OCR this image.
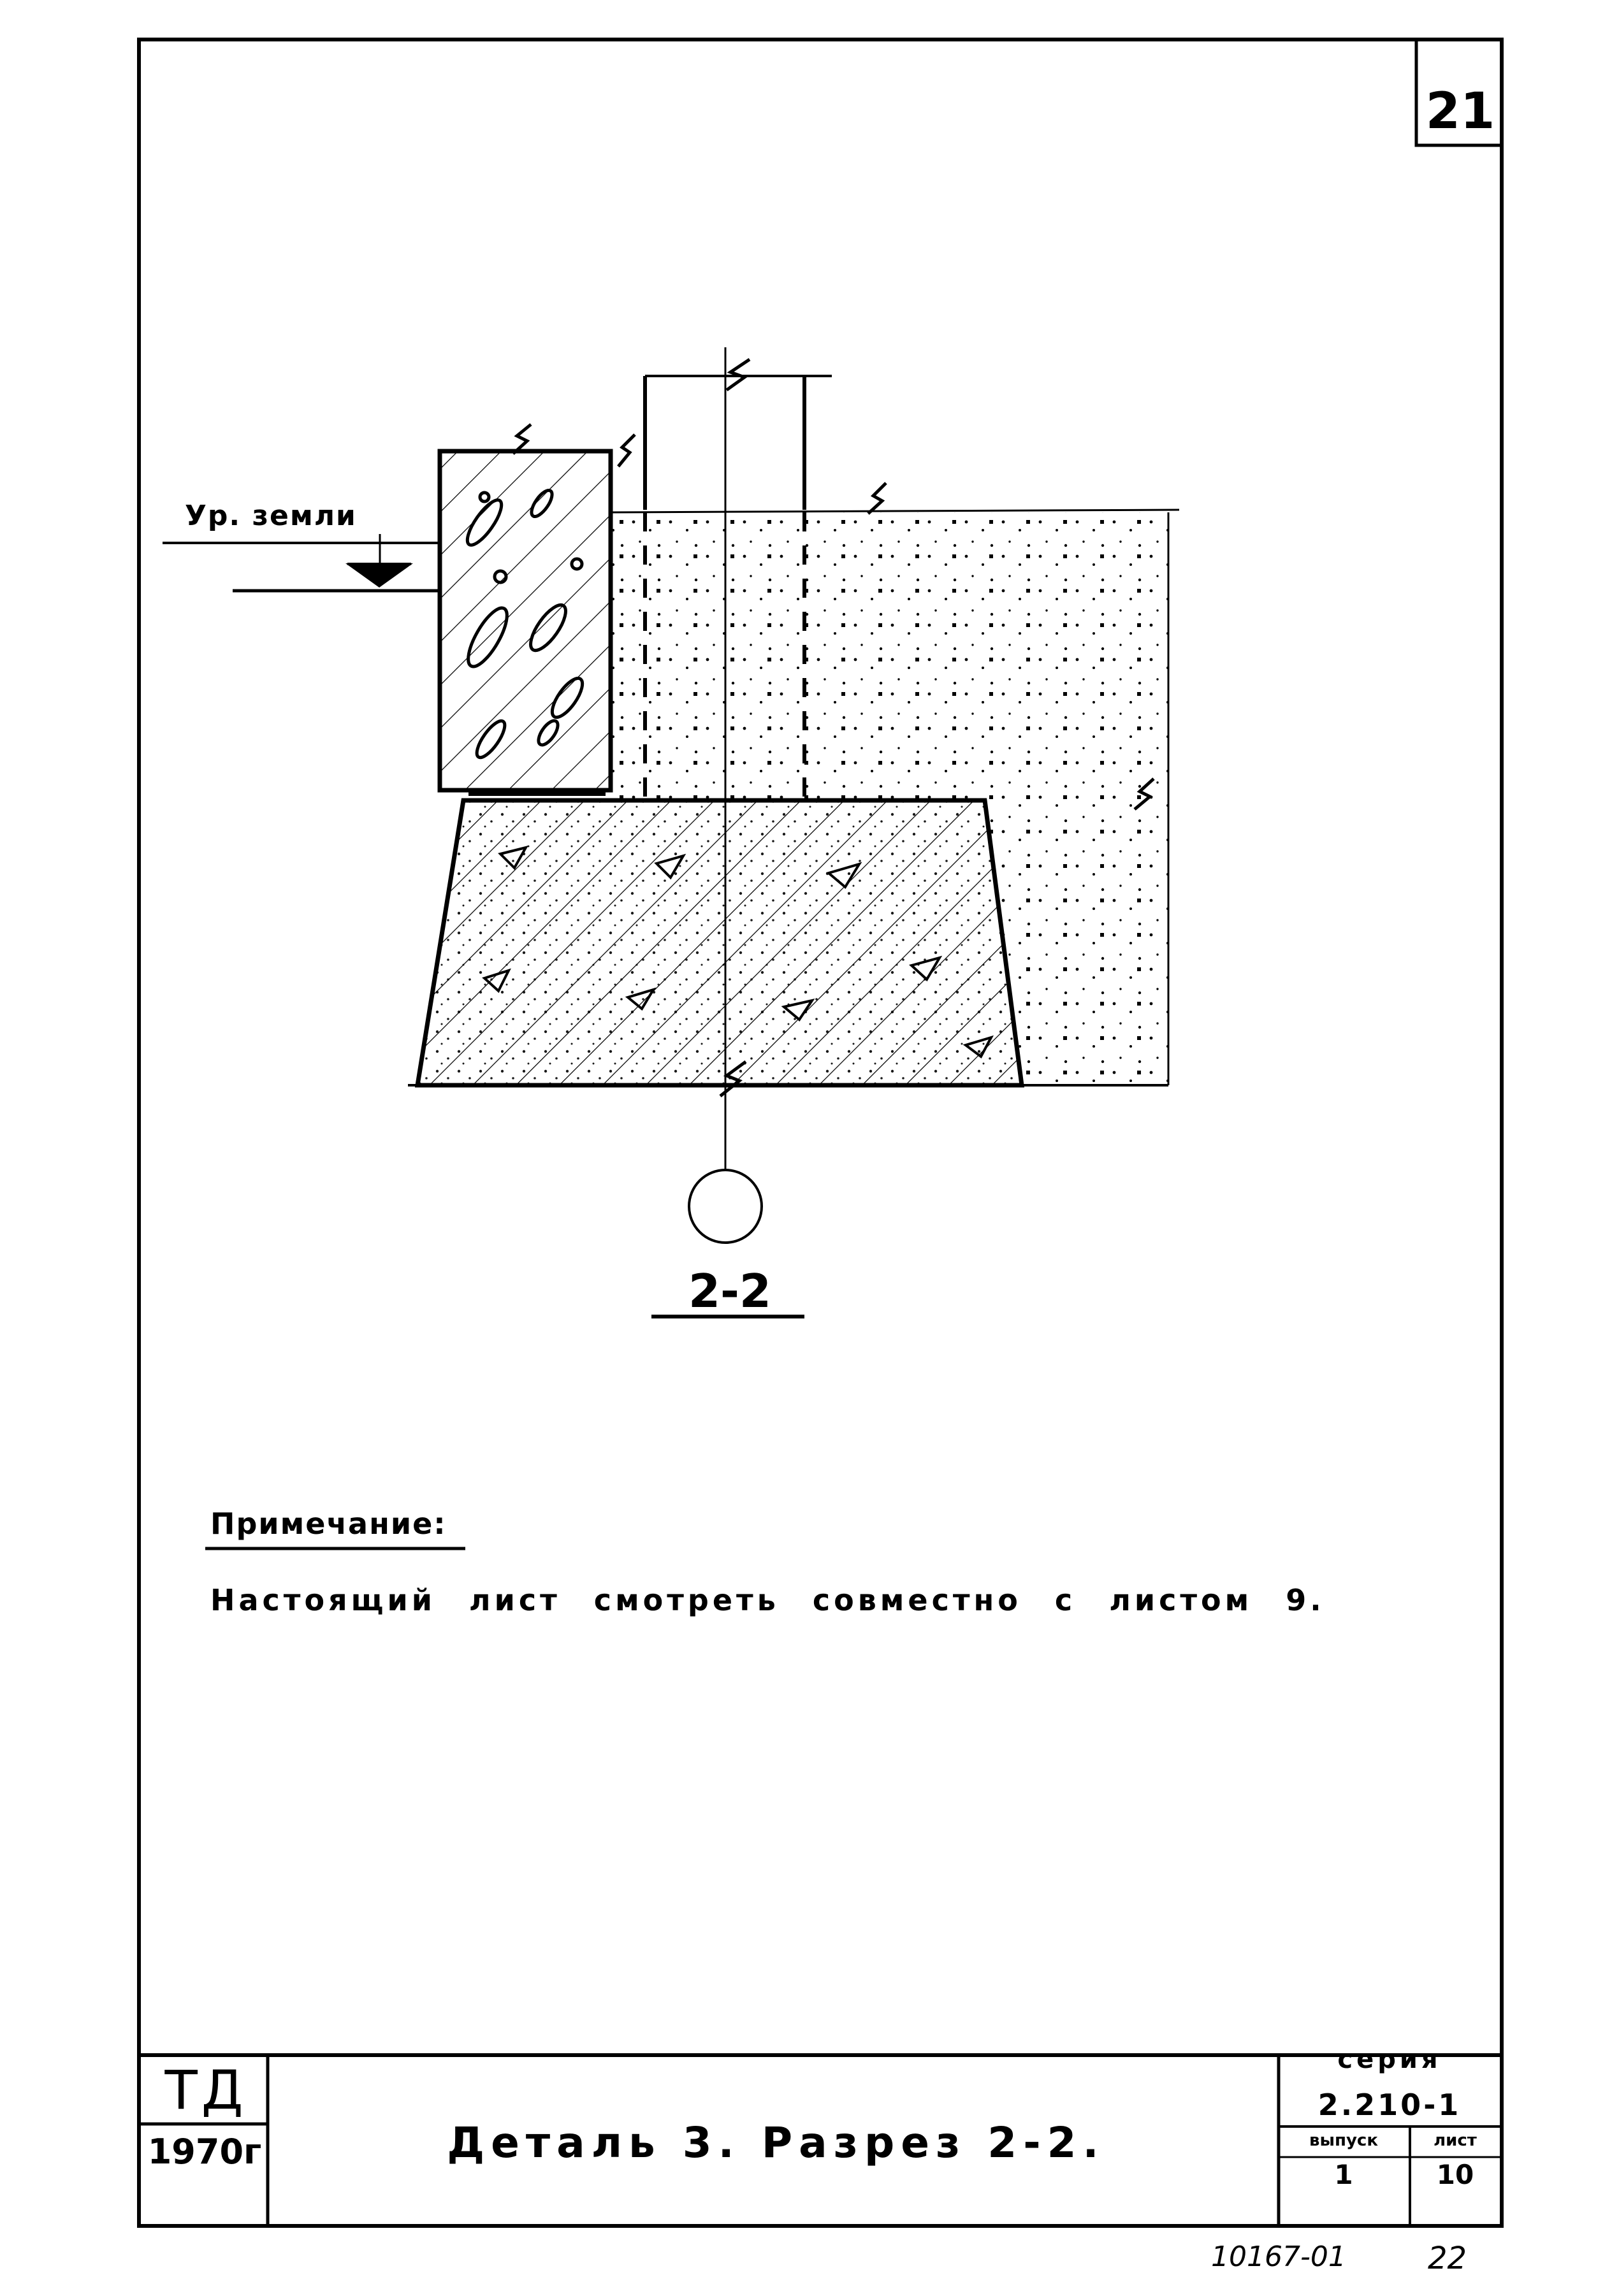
21
Ур. земли
2-2
Примечание:
Настоящий лист смотреть совместно с листом 9.
ТД
1970г	Деталь 3. Разрез 2-2.
серия
2.210-1
выпуск	лист
1	10
10167-01	22
